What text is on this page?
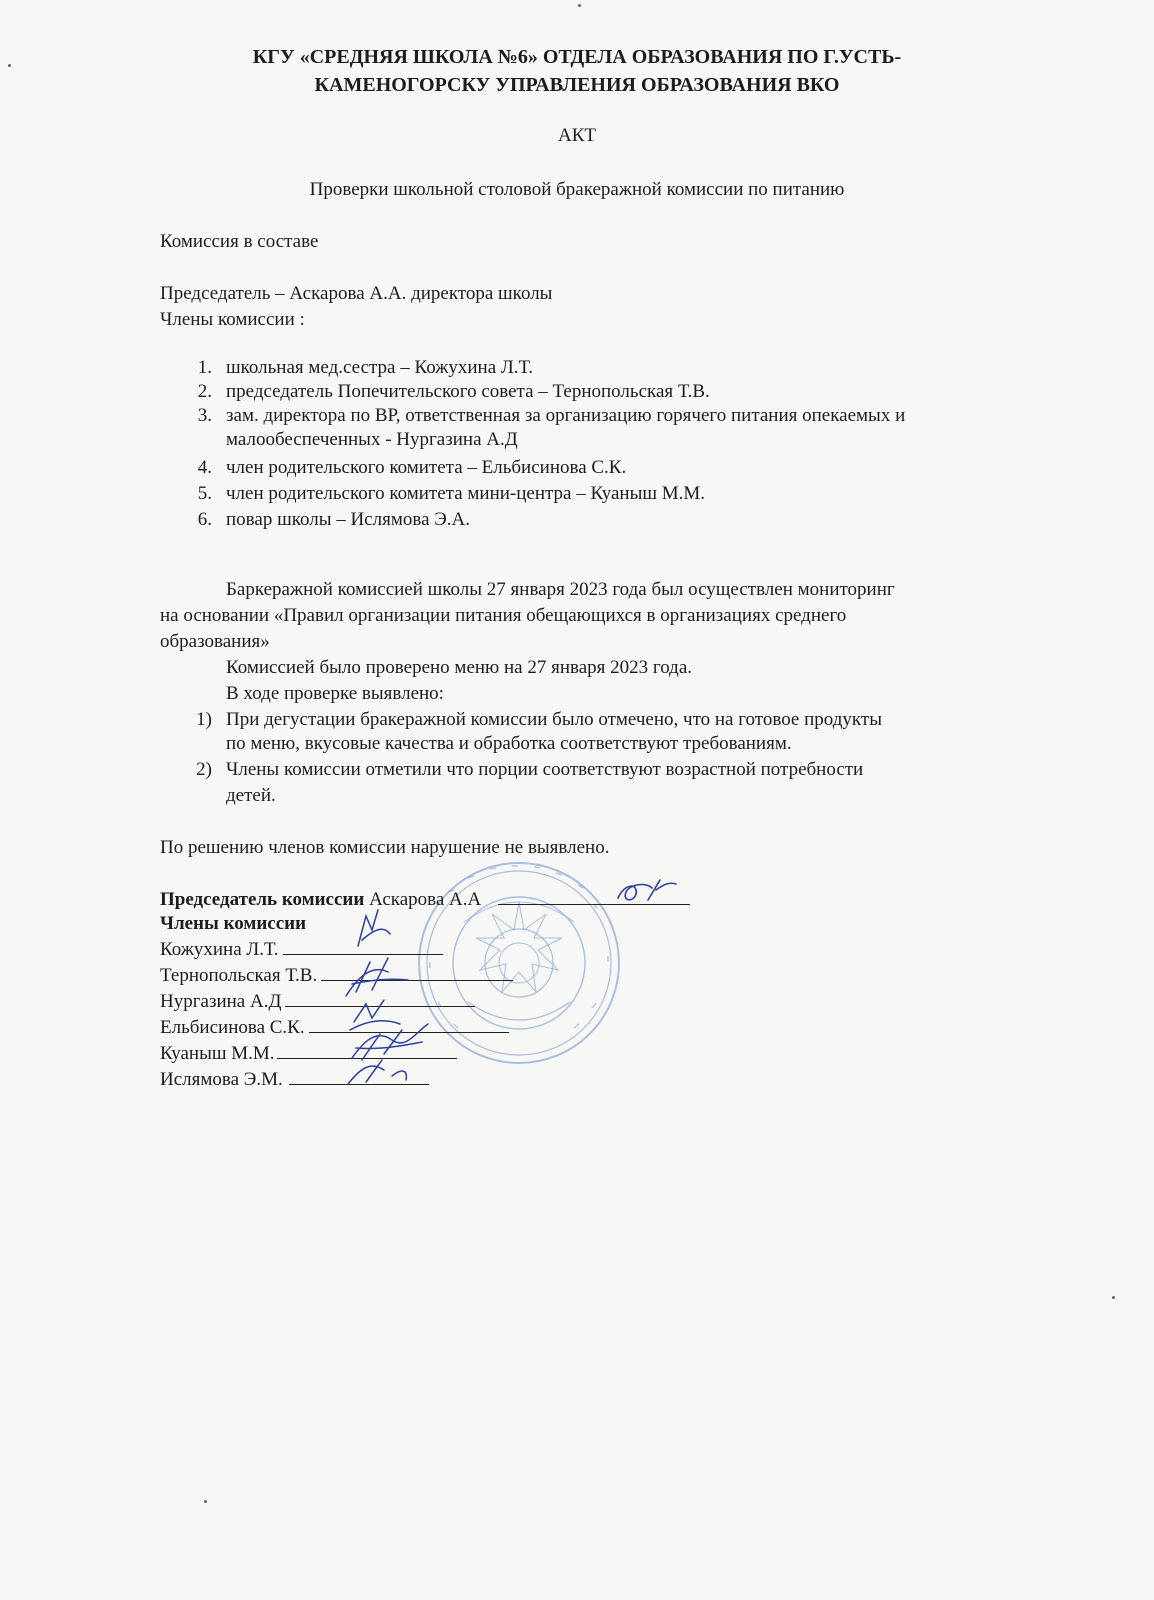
КГУ «СРЕДНЯЯ ШКОЛА №6» ОТДЕЛА ОБРАЗОВАНИЯ ПО Г.УСТЬ-
КАМЕНОГОРСКУ УПРАВЛЕНИЯ ОБРАЗОВАНИЯ ВКО
АКТ
Проверки школьной столовой бракеражной комиссии по питанию
Комиссия в составе
Председатель – Аскарова А.А. директора школы
Члены комиссии :
1. школьная мед.сестра – Кожухина Л.Т.
2. председатель Попечительского совета – Тернопольская Т.В.
3. зам. директора по ВР, ответственная за организацию горячего питания опекаемых и
малообеспеченных - Нургазина А.Д
4. член родительского комитета – Ельбисинова С.К.
5. член родительского комитета мини-центра – Куаныш М.М.
6. повар школы – Ислямова Э.А.
Баркеражной комиссией школы 27 января 2023 года был осуществлен мониторинг
на основании «Правил организации питания обещающихся в организациях среднего
образования»
Комиссией было проверено меню на 27 января 2023 года.
В ходе проверке выявлено:
1) При дегустации бракеражной комиссии было отмечено, что на готовое продукты
по меню, вкусовые качества и обработка соответствуют требованиям.
2) Члены комиссии отметили что порции соответствуют возрастной потребности
детей.
По решению членов комиссии нарушение не выявлено.
Председатель комиссии Аскарова А.А
Члены комиссии
Кожухина Л.Т.
Тернопольская Т.В.
Нургазина А.Д
Ельбисинова С.К.
Куаныш М.М.
Ислямова Э.М.
